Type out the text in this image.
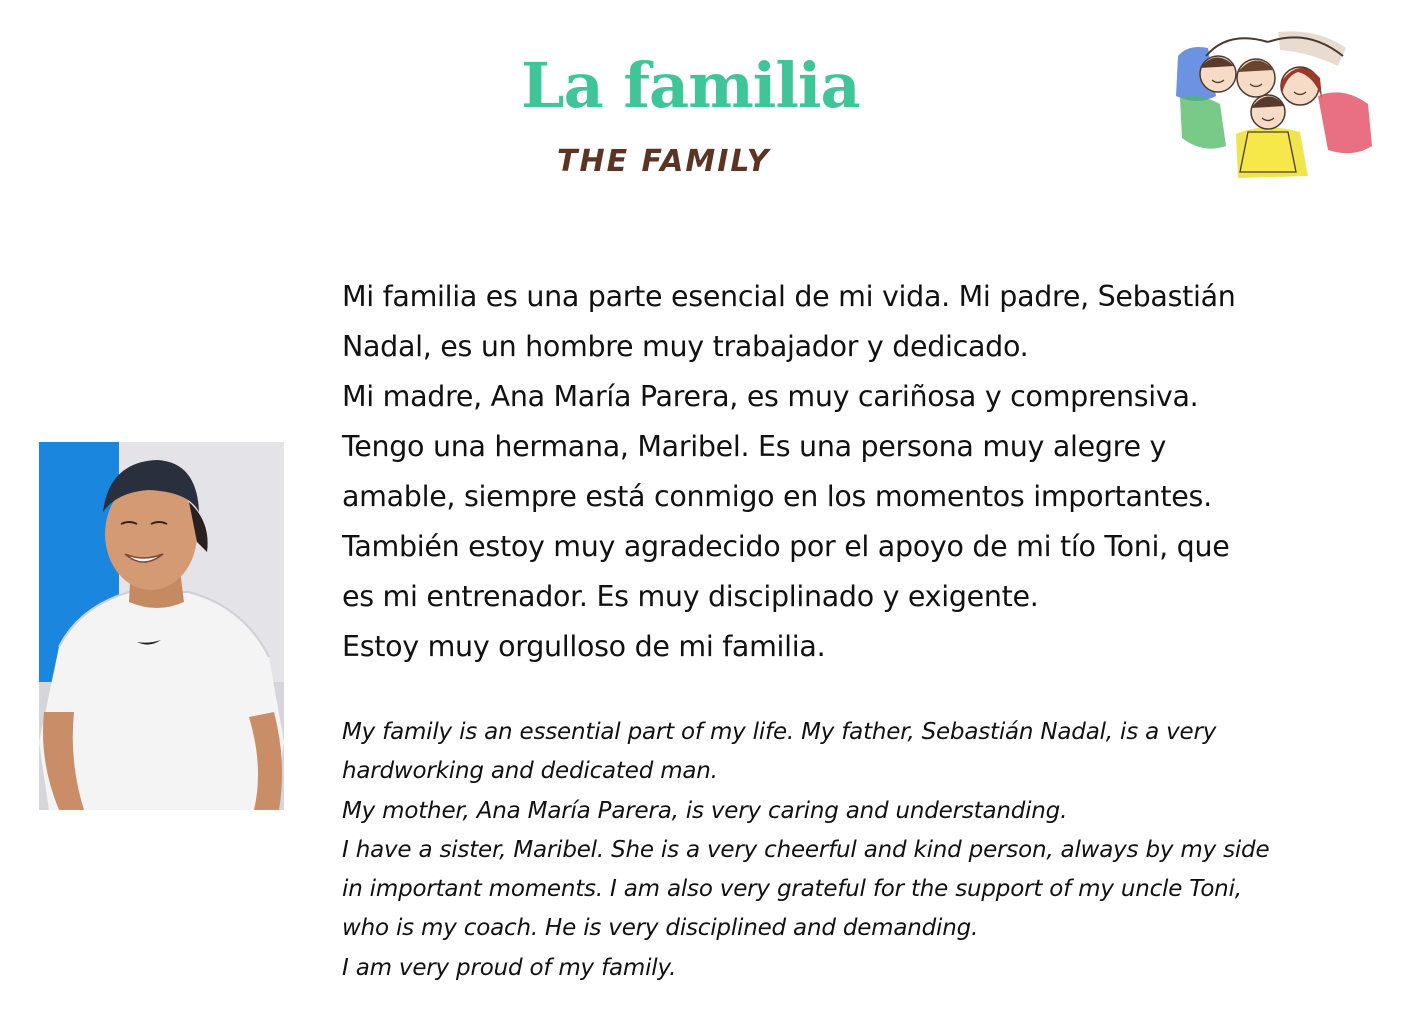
La familia
THE FAMILY
Mi familia es una parte esencial de mi vida. Mi padre, Sebastián
Nadal, es un hombre muy trabajador y dedicado.
Mi madre, Ana María Parera, es muy cariñosa y comprensiva.
Tengo una hermana, Maribel. Es una persona muy alegre y
amable, siempre está conmigo en los momentos importantes.
También estoy muy agradecido por el apoyo de mi tío Toni, que
es mi entrenador. Es muy disciplinado y exigente.
Estoy muy orgulloso de mi familia.
My family is an essential part of my life. My father, Sebastián Nadal, is a very
hardworking and dedicated man.
My mother, Ana María Parera, is very caring and understanding.
I have a sister, Maribel. She is a very cheerful and kind person, always by my side
in important moments. I am also very grateful for the support of my uncle Toni,
who is my coach. He is very disciplined and demanding.
I am very proud of my family.
